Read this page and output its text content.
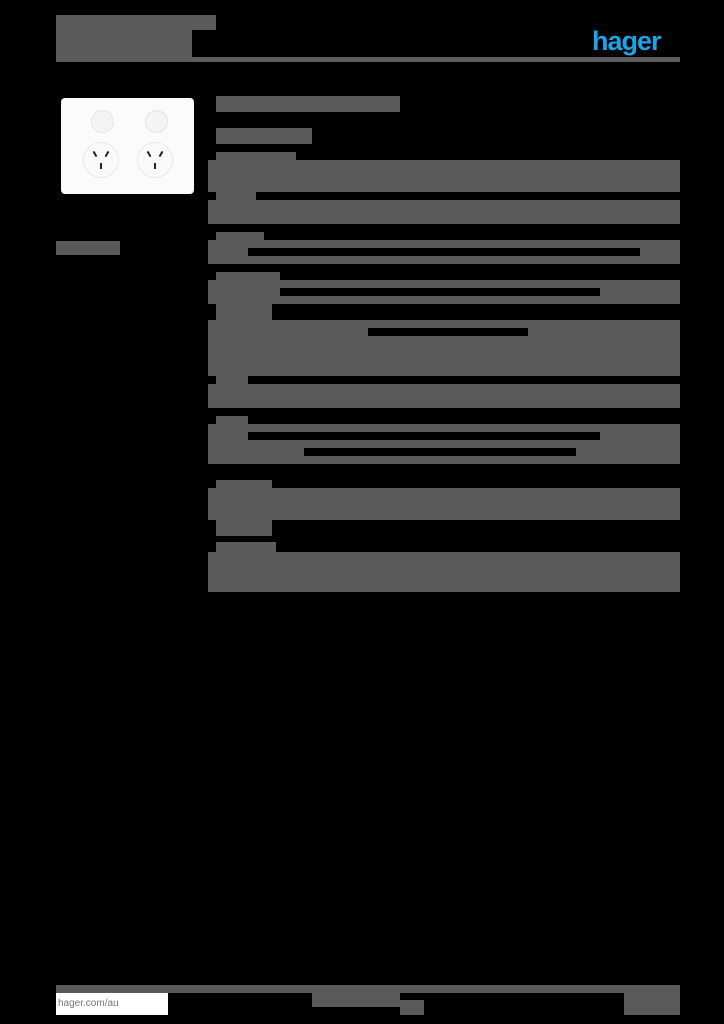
hager
hager.com/au
